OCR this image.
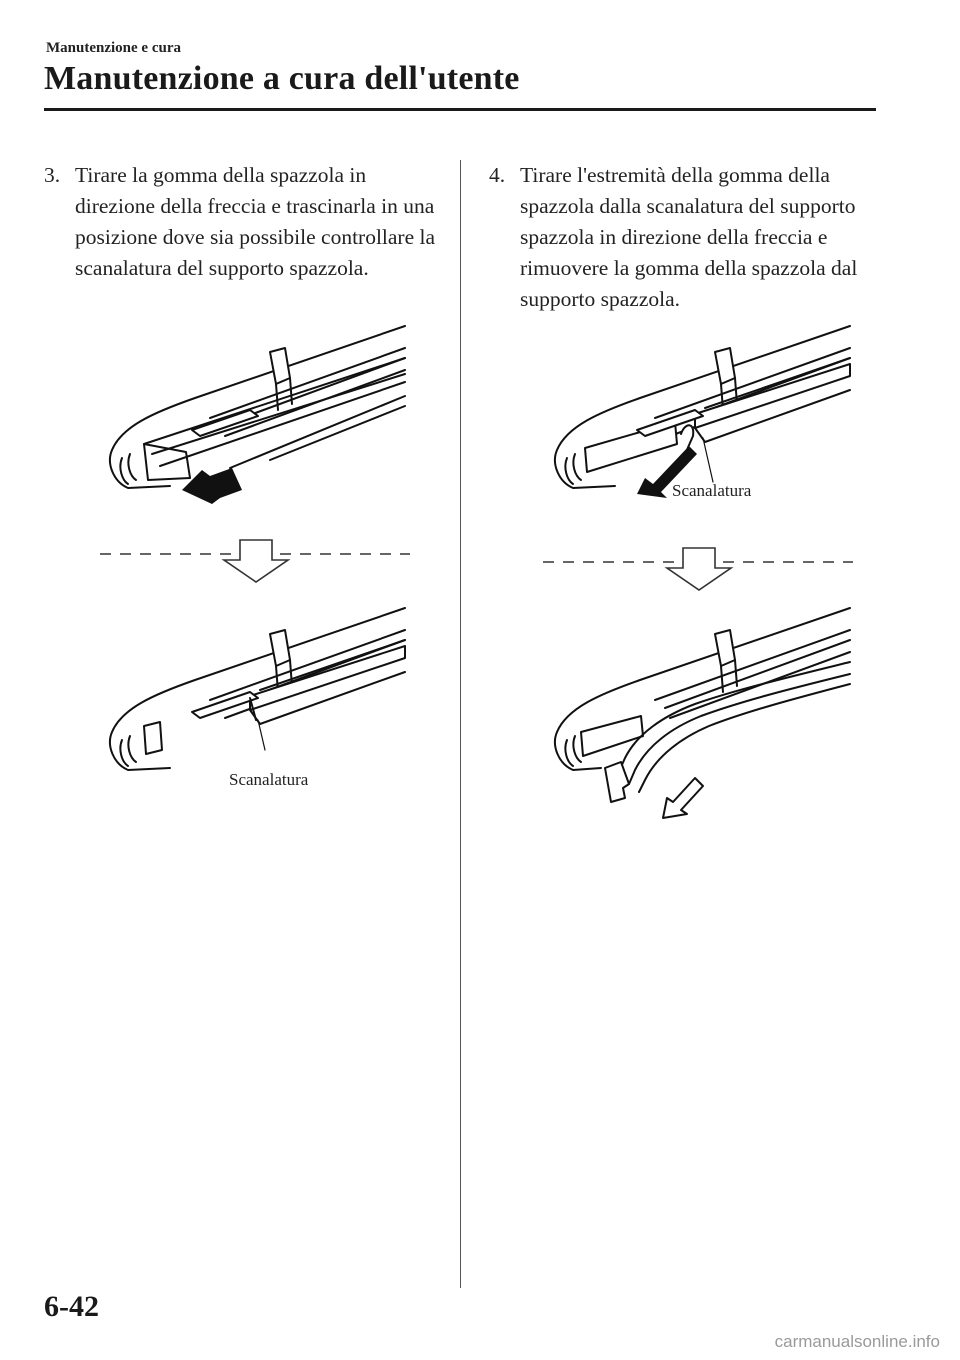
Manutenzione e cura
Manutenzione a cura dell'utente
3. Tirare la gomma della spazzola in direzione della freccia e trascinarla in una posizione dove sia possibile controllare la scanalatura del supporto spazzola.
4. Tirare l'estremità della gomma della spazzola dalla scanalatura del supporto spazzola in direzione della freccia e rimuovere la gomma della spazzola dal supporto spazzola.
Scanalatura
Scanalatura
6-42
carmanualsonline.info
